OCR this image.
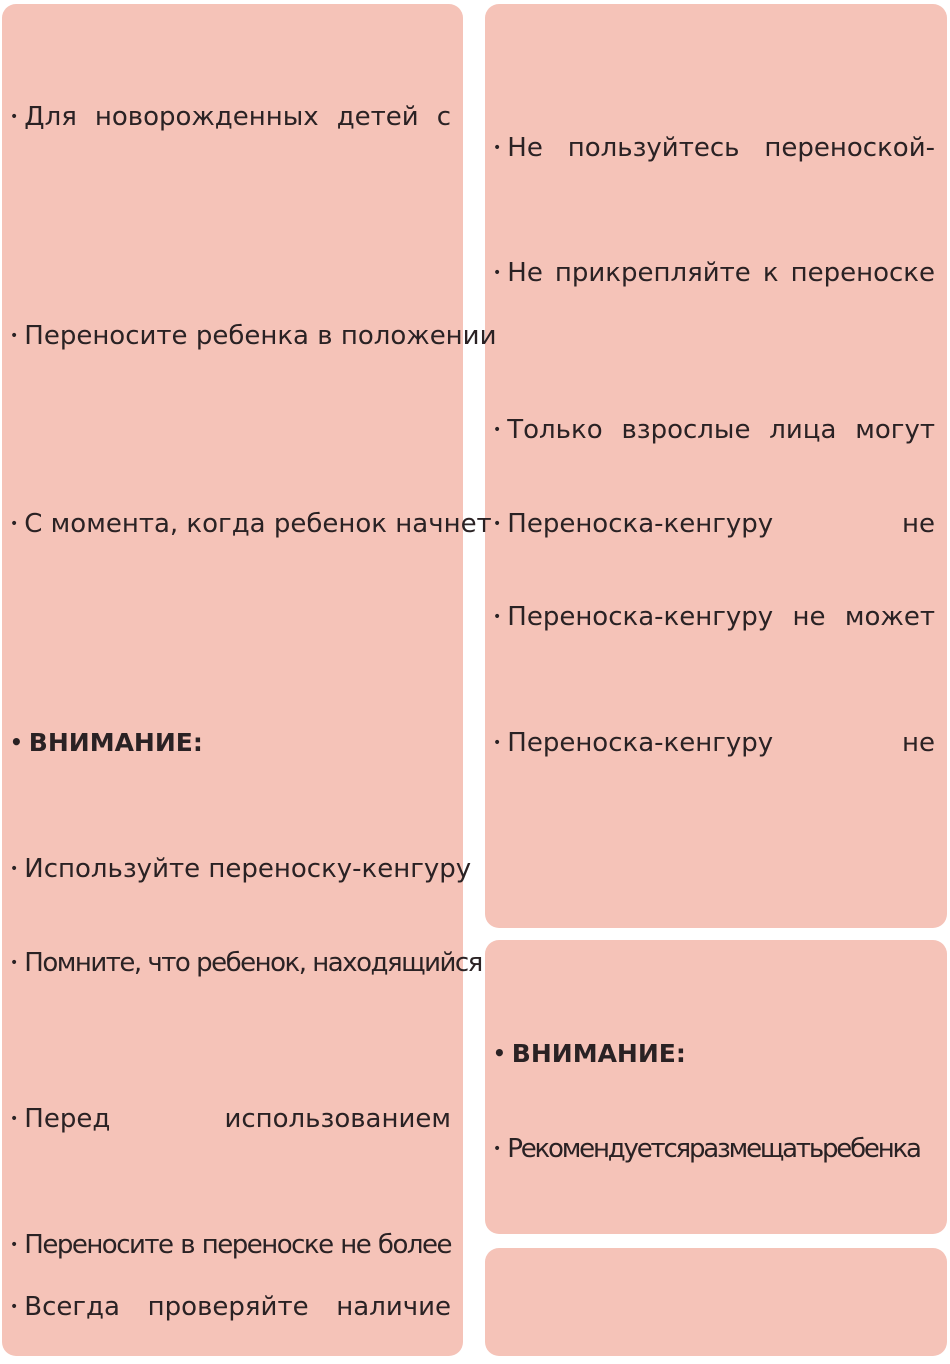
• Для новорожденных детей с
• Переносите ребенка в положении
• С момента, когда ребенок начнет
• ВНИМАНИЕ:
• Используйте переноску-кенгуру
• Помните, что ребенок, находящийся
• Перед использованием
• Переносите в переноске не более
• Всегда проверяйте наличие
• Не пользуйтесь переноской-
• Не прикрепляйте к переноске
• Только взрослые лица могут
• Переноска-кенгуру не
• Переноска-кенгуру не может
• Переноска-кенгуру не
• ВНИМАНИЕ:
• Рекомендуетсяразмещатьребенка
